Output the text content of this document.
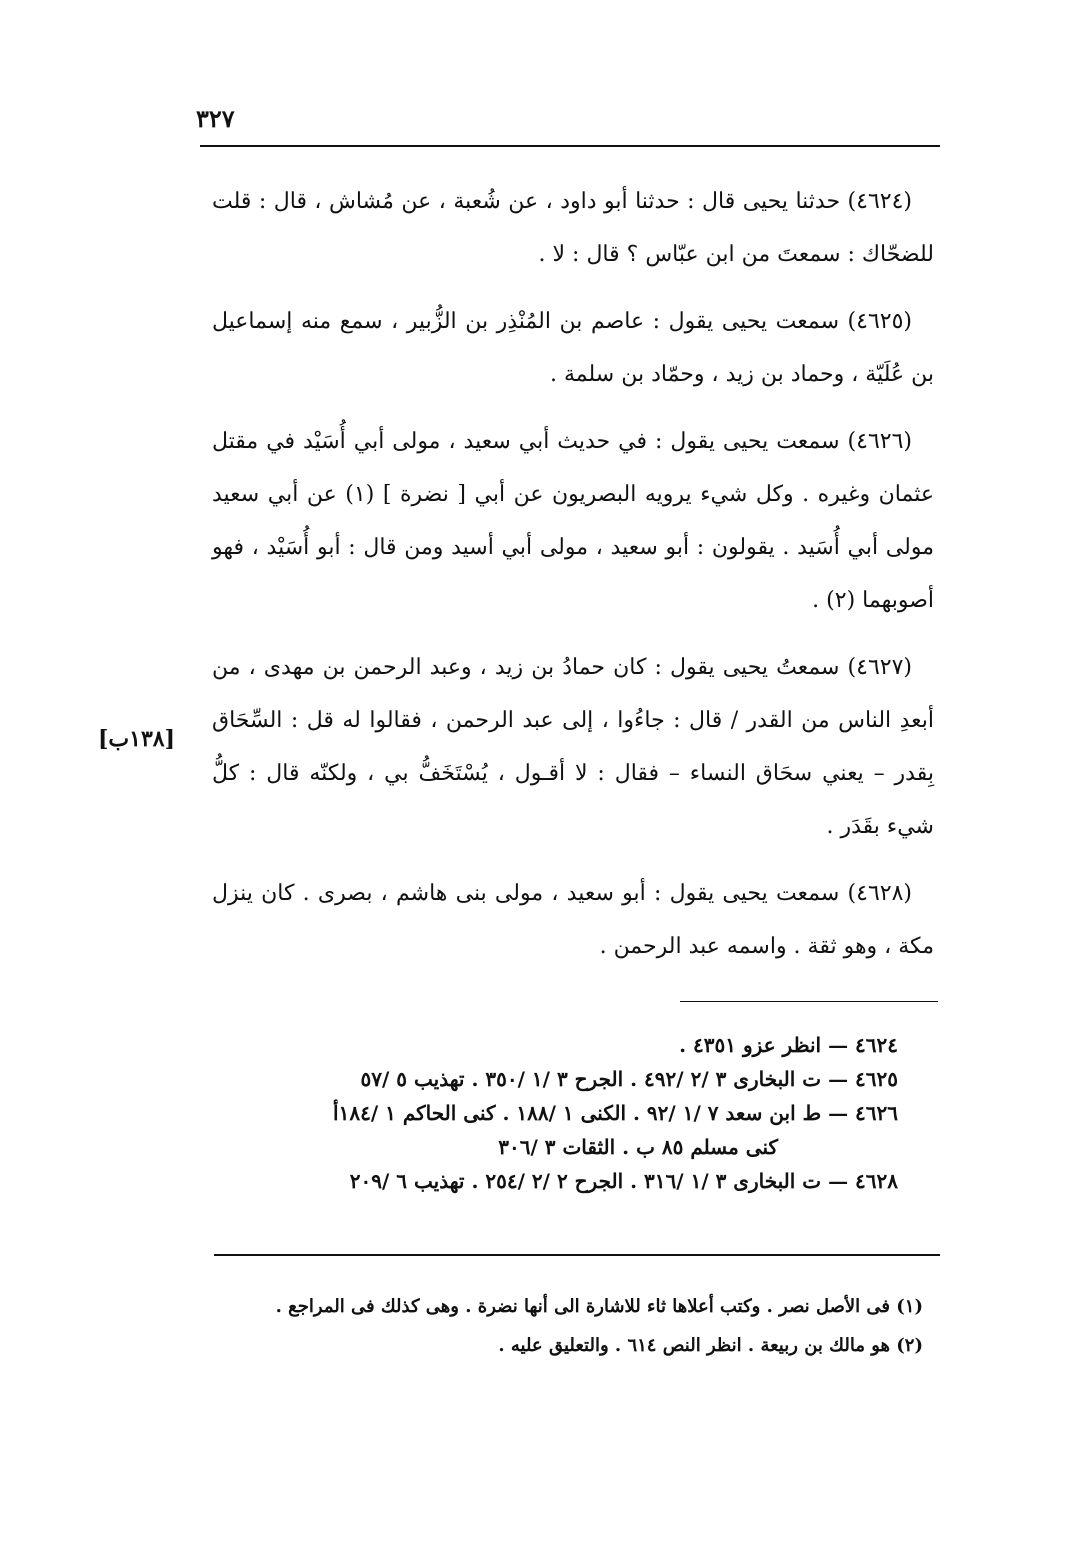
٣٢٧

(٤٦٢٤) حدثنا يحيى قال : حدثنا أبو داود ، عن شُعبة ، عن مُشاش ، قال : قلت للضحّاك : سمعتَ من ابن عبّاس ؟ قال : لا .

(٤٦٢٥) سمعت يحيى يقول : عاصم بن المُنْذِر بن الزُّبير ، سمع منه إسماعيل بن عُلَيّة ، وحماد بن زيد ، وحمّاد بن سلمة .

(٤٦٢٦) سمعت يحيى يقول : في حديث أبي سعيد ، مولى أبي أُسَيْد في مقتل عثمان وغيره . وكل شيء يرويه البصريون عن أبي [ نضرة ] (١) عن أبي سعيد مولى أبي أُسَيد . يقولون : أبو سعيد ، مولى أبي أسيد ومن قال : أبو أُسَيْد ، فهو أصوبهما (٢) .

(٤٦٢٧) سمعتُ يحيى يقول : كان حمادُ بن زيد ، وعبد الرحمن بن مهدى ، من أبعدِ الناس من القدر / قال : جاءُوا ، إلى عبد الرحمن ، فقالوا له قل : السِّحَاق بِقدر – يعني سحَاق النساء – فقال : لا أقـول ، يُسْتَخَفُّ بي ، ولكنّه قال : كلُّ شيء بقَدَر .

(٤٦٢٨) سمعت يحيى يقول : أبو سعيد ، مولى بنى هاشم ، بصرى . كان ينزل مكة ، وهو ثقة . واسمه عبد الرحمن .

[١٣٨ب]
٤٦٢٤ — انظر عزو ٤٣٥١ .
٤٦٢٥ — ت البخارى ٣ /٢ /٤٩٢ . الجرح ٣ /١ /٣٥٠ . تهذيب ٥ /٥٧
٤٦٢٦ — ط ابن سعد ٧ /١ /٩٢ . الكنى ١ /١٨٨ . كنى الحاكم ١ /١٨٤أ
كنى مسلم ٨٥ ب . الثقات ٣ /٣٠٦
٤٦٢٨ — ت البخارى ٣ /١ /٣١٦ . الجرح ٢ /٢ /٢٥٤ . تهذيب ٦ /٢٠٩

(١) فى الأصل نصر . وكتب أعلاها ثاء للاشارة الى أنها نضرة . وهى كذلك فى المراجع .

(٢) هو مالك بن ربيعة . انظر النص ٦١٤ . والتعليق عليه .
